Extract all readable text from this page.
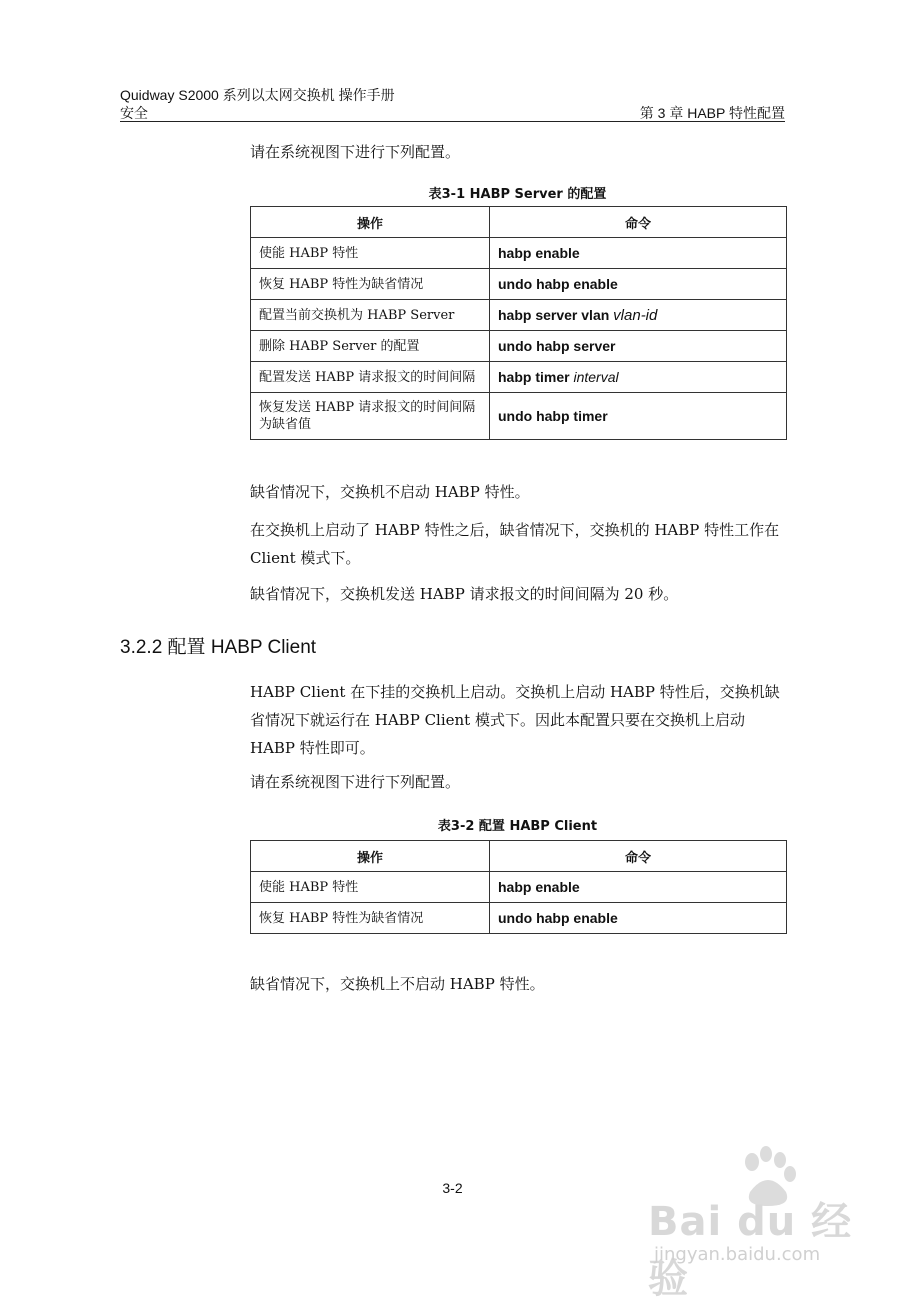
Quidway S2000 系列以太网交换机 操作手册
安全	第 3 章 HABP 特性配置
请在系统视图下进行下列配置。
表3-1 HABP Server 的配置
操作	命令
使能 HABP 特性	habp enable
恢复 HABP 特性为缺省情况	undo habp enable
配置当前交换机为 HABP Server	habp server vlan vlan-id
删除 HABP Server 的配置	undo habp server
配置发送 HABP 请求报文的时间间隔	habp timer interval
恢复发送 HABP 请求报文的时间间隔为缺省值	undo habp timer
缺省情况下，交换机不启动 HABP 特性。
在交换机上启动了 HABP 特性之后，缺省情况下，交换机的 HABP 特性工作在 Client 模式下。
缺省情况下，交换机发送 HABP 请求报文的时间间隔为 20 秒。
3.2.2 配置 HABP Client
HABP Client 在下挂的交换机上启动。交换机上启动 HABP 特性后，交换机缺省情况下就运行在 HABP Client 模式下。因此本配置只要在交换机上启动 HABP 特性即可。
请在系统视图下进行下列配置。
表3-2 配置 HABP Client
操作	命令
使能 HABP 特性	habp enable
恢复 HABP 特性为缺省情况	undo habp enable
缺省情况下，交换机上不启动 HABP 特性。
3-2
Bai du 经验
jingyan.baidu.com
